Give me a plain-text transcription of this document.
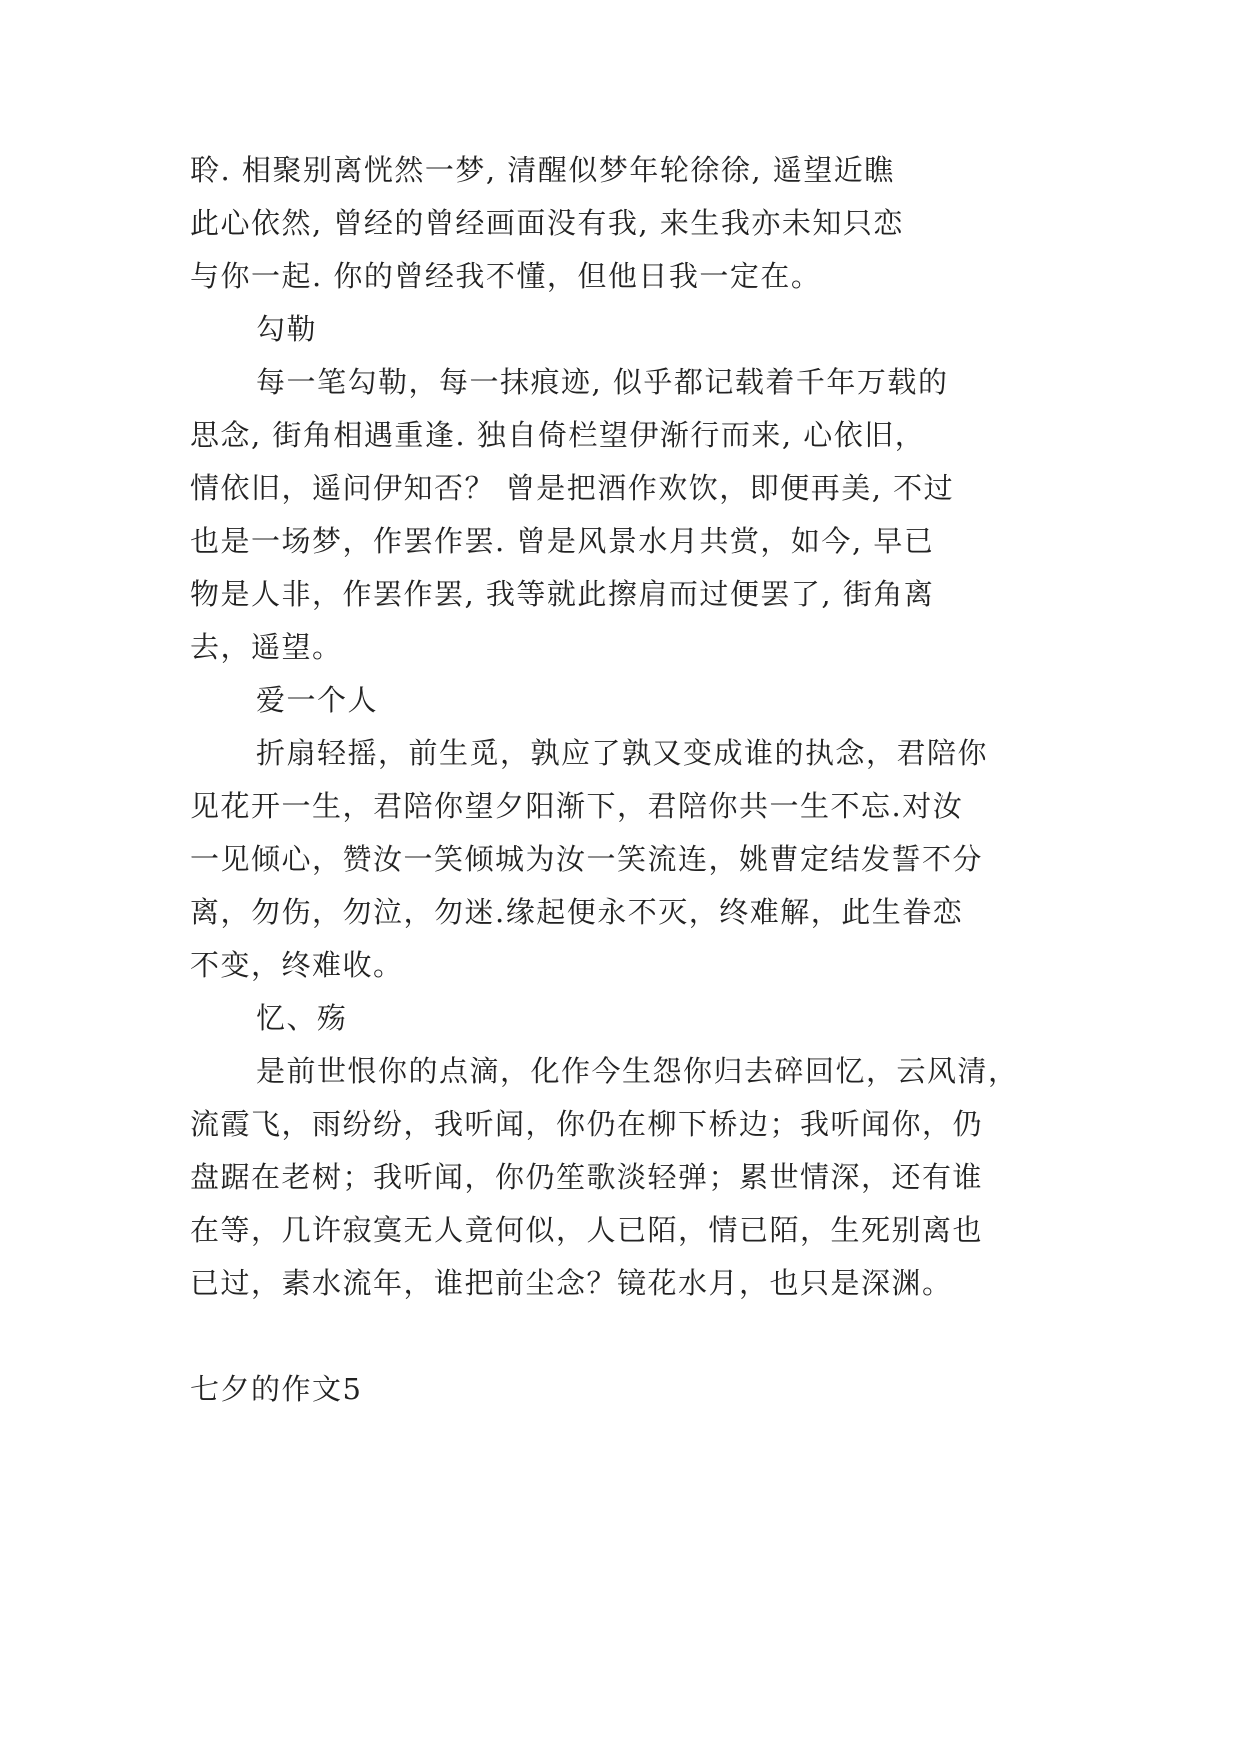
聆. 相聚别离恍然一梦, 清醒似梦年轮徐徐, 遥望近瞧
此心依然, 曾经的曾经画面没有我, 来生我亦未知只恋
与你一起. 你的曾经我不懂，但他日我一定在。
勾勒
每一笔勾勒，每一抹痕迹, 似乎都记载着千年万载的
思念, 街角相遇重逢. 独自倚栏望伊渐行而来, 心依旧，
情依旧，遥问伊知否？ 曾是把酒作欢饮，即便再美, 不过
也是一场梦，作罢作罢. 曾是风景水月共赏，如今, 早已
物是人非，作罢作罢, 我等就此擦肩而过便罢了, 街角离
去，遥望。
爱一个人
折扇轻摇，前生觅，孰应了孰又变成谁的执念，君陪你
见花开一生，君陪你望夕阳渐下，君陪你共一生不忘.对汝
一见倾心，赞汝一笑倾城为汝一笑流连，姚曹定结发誓不分
离，勿伤，勿泣，勿迷.缘起便永不灭，终难解，此生眷恋
不变，终难收。
忆、殇
是前世恨你的点滴，化作今生怨你归去碎回忆，云风清，
流霞飞，雨纷纷，我听闻，你仍在柳下桥边；我听闻你，仍
盘踞在老树；我听闻，你仍笙歌淡轻弹；累世情深，还有谁
在等，几许寂寞无人竟何似，人已陌，情已陌，生死别离也
已过，素水流年，谁把前尘念？镜花水月，也只是深渊。
七夕的作文5
